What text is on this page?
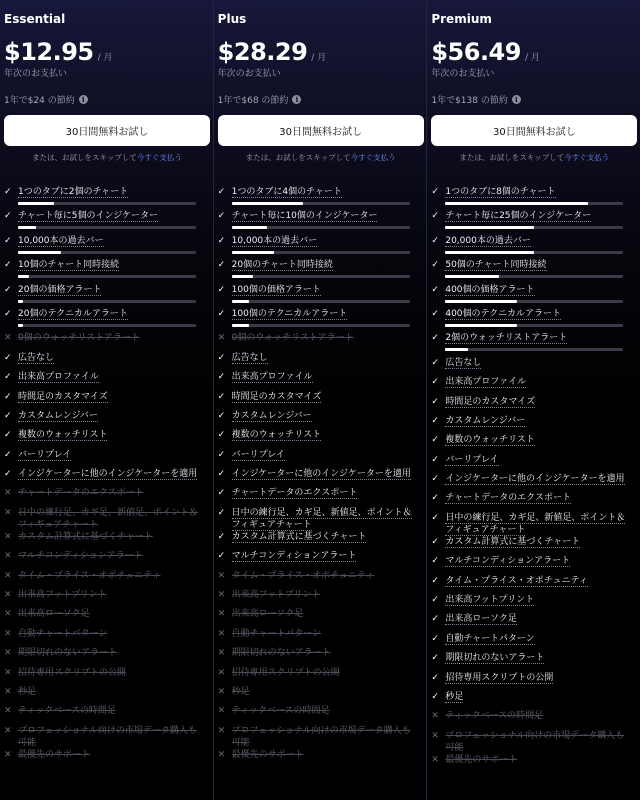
Essential
$12.95 / 月
年次のお支払い
1年で$24 の節約	i
30日間無料お試し
または、お試しをスキップして今すぐ支払う
✓ 1つのタブに2個のチャート
✓ チャート毎に5個のインジケーター
✓ 10,000本の過去バー
✓ 10個のチャート同時接続
✓ 20個の価格アラート
✓ 20個のテクニカルアラート
✕ 0個のウォッチリストアラート
✓ 広告なし
✓ 出来高プロファイル
✓ 時間足のカスタマイズ
✓ カスタムレンジバー
✓ 複数のウォッチリスト
✓ バーリプレイ
✓ インジケーターに他のインジケーターを適用
✕ チャートデータのエクスポート
✕ 日中の練行足、カギ足、新値足、ポイント＆フィギュアチャート
✕ カスタム計算式に基づくチャート
✕ マルチコンディションアラート
✕ タイム・プライス・オポチュニティ
✕ 出来高フットプリント
✕ 出来高ローソク足
✕ 自動チャートパターン
✕ 期限切れのないアラート
✕ 招待専用スクリプトの公開
✕ 秒足
✕ ティックベースの時間足
✕ プロフェッショナル向けの市場データ購入も可能
✕ 最優先のサポート
Plus
$28.29 / 月
年次のお支払い
1年で$68 の節約	i
30日間無料お試し
または、お試しをスキップして今すぐ支払う
✓ 1つのタブに4個のチャート
✓ チャート毎に10個のインジケーター
✓ 10,000本の過去バー
✓ 20個のチャート同時接続
✓ 100個の価格アラート
✓ 100個のテクニカルアラート
✕ 0個のウォッチリストアラート
✓ 広告なし
✓ 出来高プロファイル
✓ 時間足のカスタマイズ
✓ カスタムレンジバー
✓ 複数のウォッチリスト
✓ バーリプレイ
✓ インジケーターに他のインジケーターを適用
✓ チャートデータのエクスポート
✓ 日中の練行足、カギ足、新値足、ポイント＆フィギュアチャート
✓ カスタム計算式に基づくチャート
✓ マルチコンディションアラート
✕ タイム・プライス・オポチュニティ
✕ 出来高フットプリント
✕ 出来高ローソク足
✕ 自動チャートパターン
✕ 期限切れのないアラート
✕ 招待専用スクリプトの公開
✕ 秒足
✕ ティックベースの時間足
✕ プロフェッショナル向けの市場データ購入も可能
✕ 最優先のサポート
Premium
$56.49 / 月
年次のお支払い
1年で$138 の節約	i
30日間無料お試し
または、お試しをスキップして今すぐ支払う
✓ 1つのタブに8個のチャート
✓ チャート毎に25個のインジケーター
✓ 20,000本の過去バー
✓ 50個のチャート同時接続
✓ 400個の価格アラート
✓ 400個のテクニカルアラート
✓ 2個のウォッチリストアラート
✓ 広告なし
✓ 出来高プロファイル
✓ 時間足のカスタマイズ
✓ カスタムレンジバー
✓ 複数のウォッチリスト
✓ バーリプレイ
✓ インジケーターに他のインジケーターを適用
✓ チャートデータのエクスポート
✓ 日中の練行足、カギ足、新値足、ポイント＆フィギュアチャート
✓ カスタム計算式に基づくチャート
✓ マルチコンディションアラート
✓ タイム・プライス・オポチュニティ
✓ 出来高フットプリント
✓ 出来高ローソク足
✓ 自動チャートパターン
✓ 期限切れのないアラート
✓ 招待専用スクリプトの公開
✓ 秒足
✕ ティックベースの時間足
✕ プロフェッショナル向けの市場データ購入も可能
✕ 最優先のサポート
